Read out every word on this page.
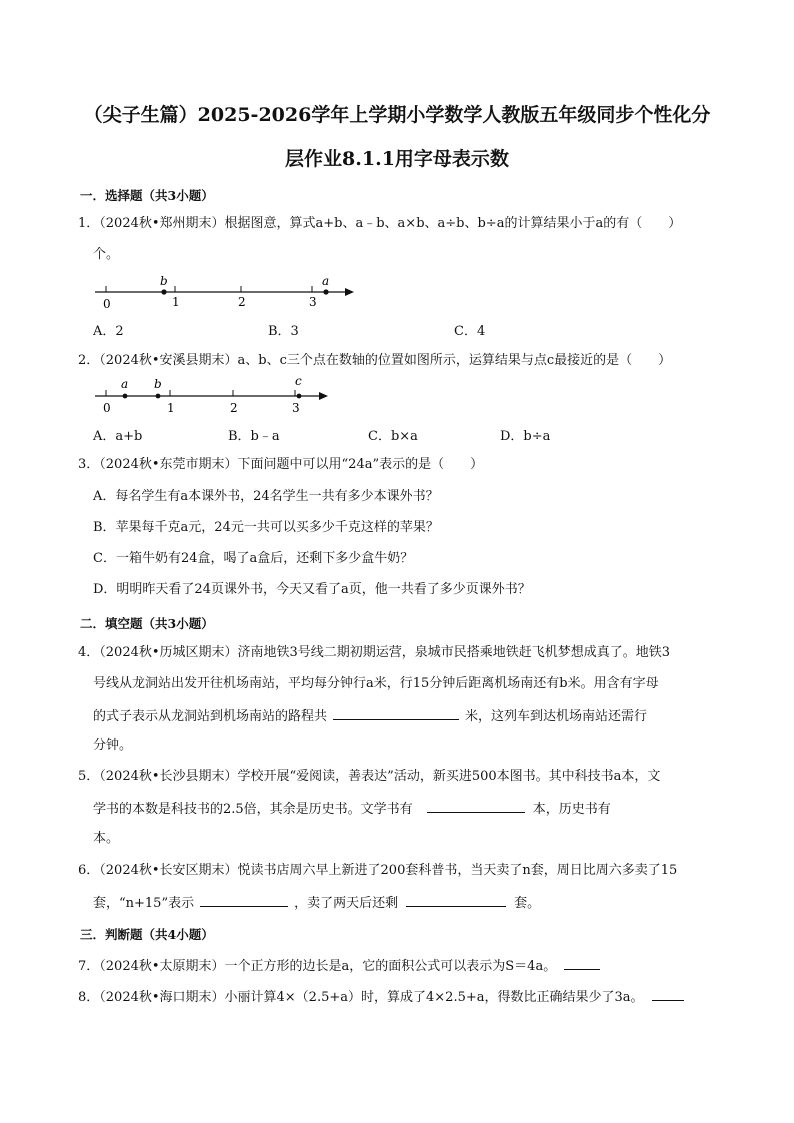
（尖子生篇）2025-2026学年上学期小学数学人教版五年级同步个性化分
层作业8.1.1用字母表示数
一．选择题（共3小题）
1．（2024秋•郑州期末）根据图意，算式a+b、a﹣b、a×b、a÷b、b÷a的计算结果小于a的有（　　）
个。
0	1	2	3
b	a
A．2	B．3	C．4
2．（2024秋•安溪县期末）a、b、c三个点在数轴的位置如图所示，运算结果与点c最接近的是（　　）
0	1	2	3
a b	c
A．a+b	B．b﹣a	C．b×a	D．b÷a
3．（2024秋•东莞市期末）下面问题中可以用“24a”表示的是（　　）
A．每名学生有a本课外书，24名学生一共有多少本课外书？
B．苹果每千克a元，24元一共可以买多少千克这样的苹果？
C．一箱牛奶有24盒，喝了a盒后，还剩下多少盒牛奶？
D．明明昨天看了24页课外书，今天又看了a页，他一共看了多少页课外书？
二．填空题（共3小题）
4．（2024秋•历城区期末）济南地铁3号线二期初期运营，泉城市民搭乘地铁赶飞机梦想成真了。地铁3
号线从龙洞站出发开往机场南站，平均每分钟行a米，行15分钟后距离机场南还有b米。用含有字母
的式子表示从龙洞站到机场南站的路程共	米，这列车到达机场南站还需行
分钟。
5．（2024秋•长沙县期末）学校开展“爱阅读，善表达”活动，新买进500本图书。其中科技书a本，文
学书的本数是科技书的2.5倍，其余是历史书。文学书有	本，历史书有
本。
6．（2024秋•长安区期末）悦读书店周六早上新进了200套科普书，当天卖了n套，周日比周六多卖了15
套，“n+15”表示	，卖了两天后还剩	套。
三．判断题（共4小题）
7．（2024秋•太原期末）一个正方形的边长是a，它的面积公式可以表示为S＝4a。
8．（2024秋•海口期末）小丽计算4×（2.5+a）时，算成了4×2.5+a，得数比正确结果少了3a。
